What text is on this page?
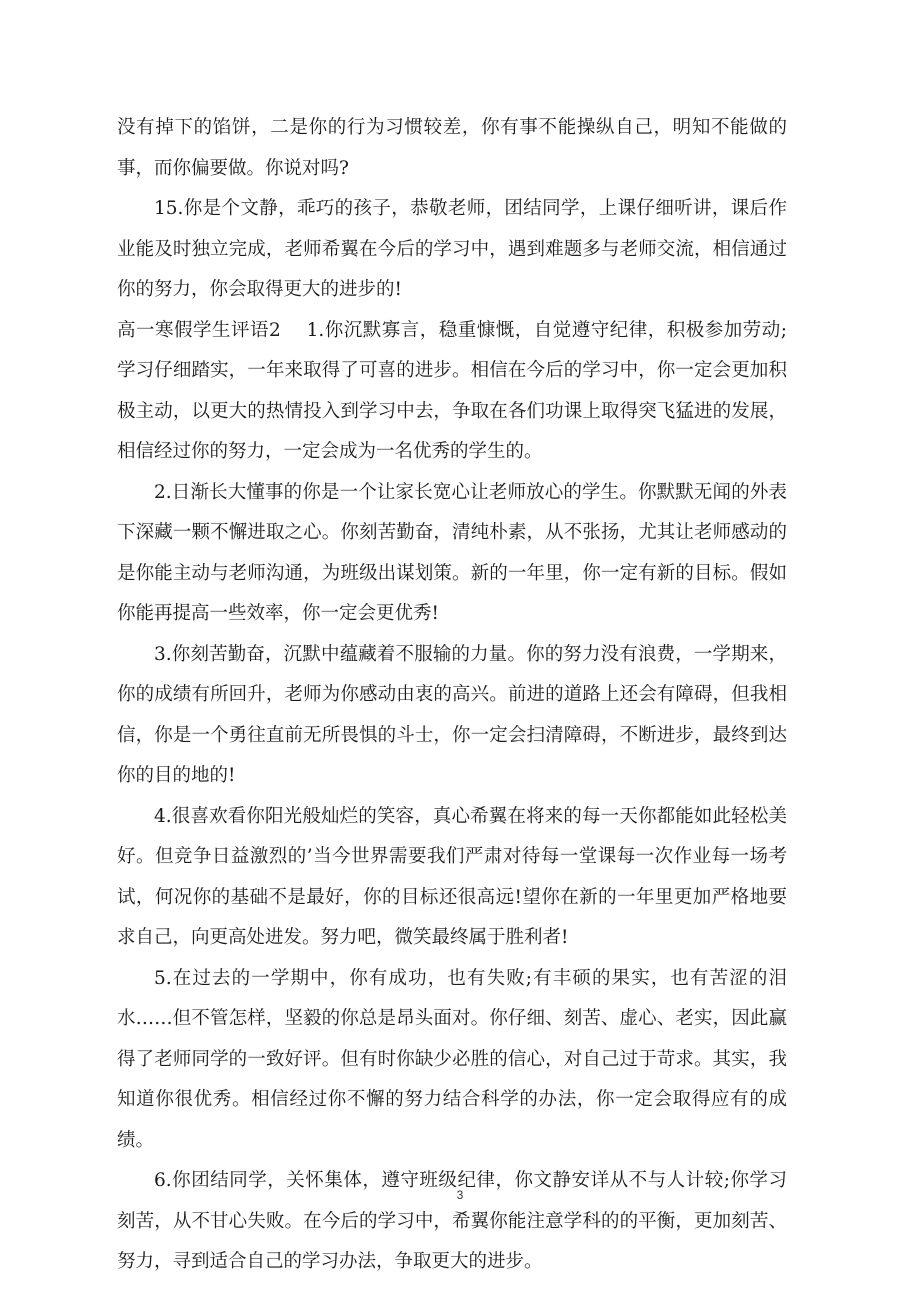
没有掉下的馅饼，二是你的行为习惯较差，你有事不能操纵自己，明知不能做的事，而你偏要做。你说对吗?

15.你是个文静，乖巧的孩子，恭敬老师，团结同学，上课仔细听讲，课后作业能及时独立完成，老师希翼在今后的学习中，遇到难题多与老师交流，相信通过你的努力，你会取得更大的进步的!

高一寒假学生评语2 1.你沉默寡言，稳重慷慨，自觉遵守纪律，积极参加劳动;学习仔细踏实，一年来取得了可喜的进步。相信在今后的学习中，你一定会更加积极主动，以更大的热情投入到学习中去，争取在各们功课上取得突飞猛进的发展，相信经过你的努力，一定会成为一名优秀的学生的。

2.日渐长大懂事的你是一个让家长宽心让老师放心的学生。你默默无闻的外表下深藏一颗不懈进取之心。你刻苦勤奋，清纯朴素，从不张扬，尤其让老师感动的是你能主动与老师沟通，为班级出谋划策。新的一年里，你一定有新的目标。假如你能再提高一些效率，你一定会更优秀!

3.你刻苦勤奋，沉默中蕴藏着不服输的力量。你的努力没有浪费，一学期来，你的成绩有所回升，老师为你感动由衷的高兴。前进的道路上还会有障碍，但我相信，你是一个勇往直前无所畏惧的斗士，你一定会扫清障碍，不断进步，最终到达你的目的地的!

4.很喜欢看你阳光般灿烂的笑容，真心希翼在将来的每一天你都能如此轻松美好。但竞争日益激烈的’当今世界需要我们严肃对待每一堂课每一次作业每一场考试，何况你的基础不是最好，你的目标还很高远!望你在新的一年里更加严格地要求自己，向更高处进发。努力吧，微笑最终属于胜利者!

5.在过去的一学期中，你有成功，也有失败;有丰硕的果实，也有苦涩的泪水……但不管怎样，坚毅的你总是昂头面对。你仔细、刻苦、虚心、老实，因此赢得了老师同学的一致好评。但有时你缺少必胜的信心，对自己过于苛求。其实，我知道你很优秀。相信经过你不懈的努力结合科学的办法，你一定会取得应有的成绩。

6.你团结同学，关怀集体，遵守班级纪律，你文静安详从不与人计较;你学习刻苦，从不甘心失败。在今后的学习中，希翼你能注意学科的的平衡，更加刻苦、努力，寻到适合自己的学习办法，争取更大的进步。

3
